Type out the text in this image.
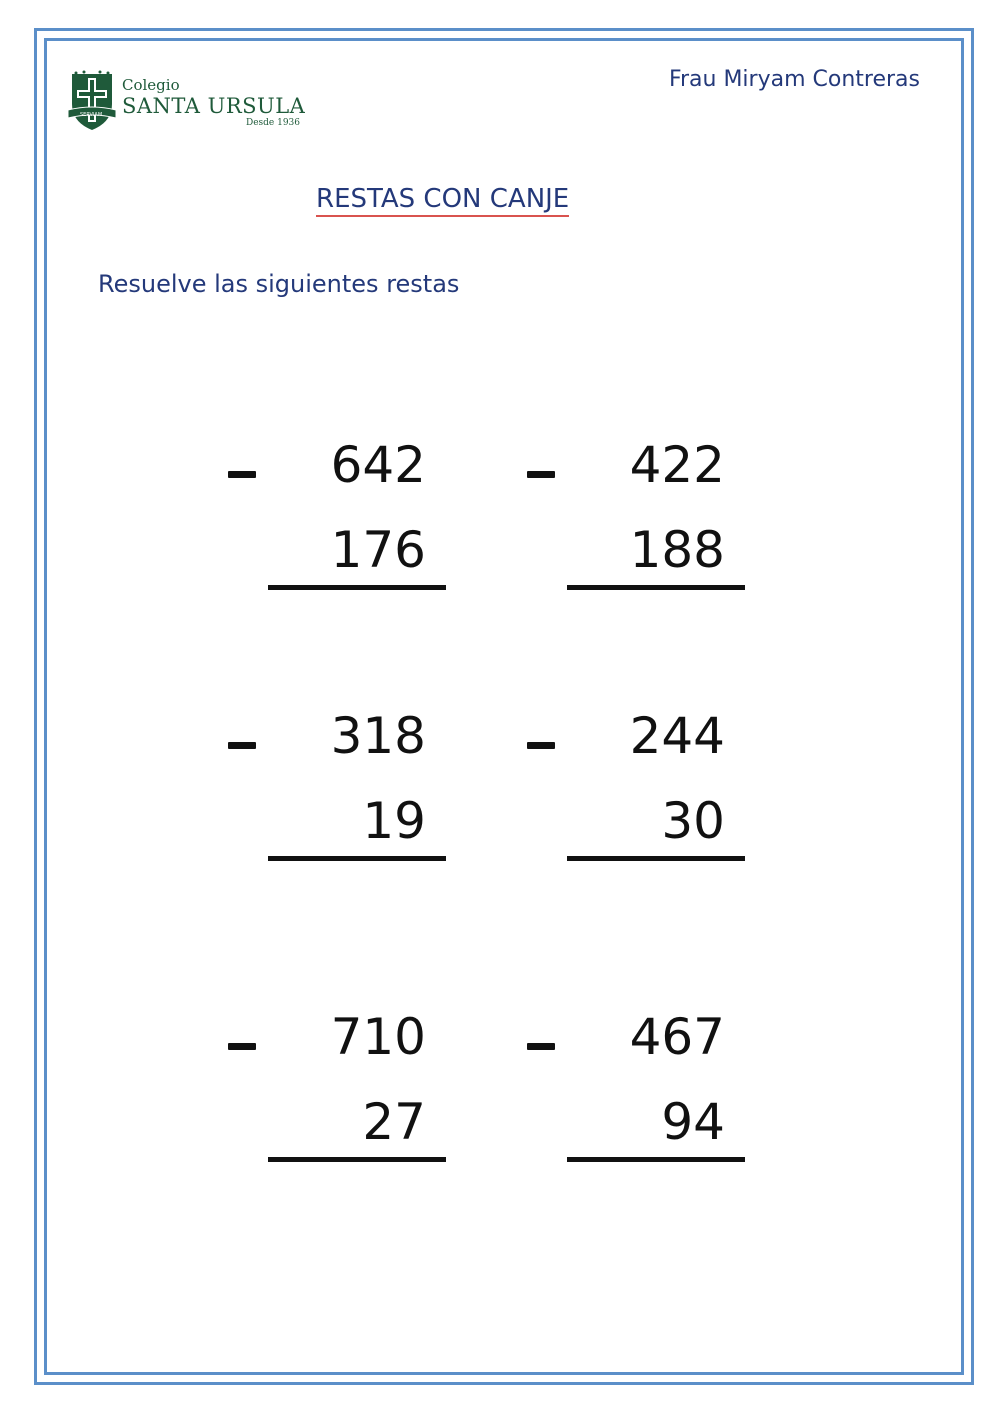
SERVIAM
Colegio
SANTA URSULA
Desde 1936
Frau Miryam Contreras
RESTAS CON CANJE
Resuelve las siguientes restas
642
176
422
188
318
19
244
30
710
27
467
94
